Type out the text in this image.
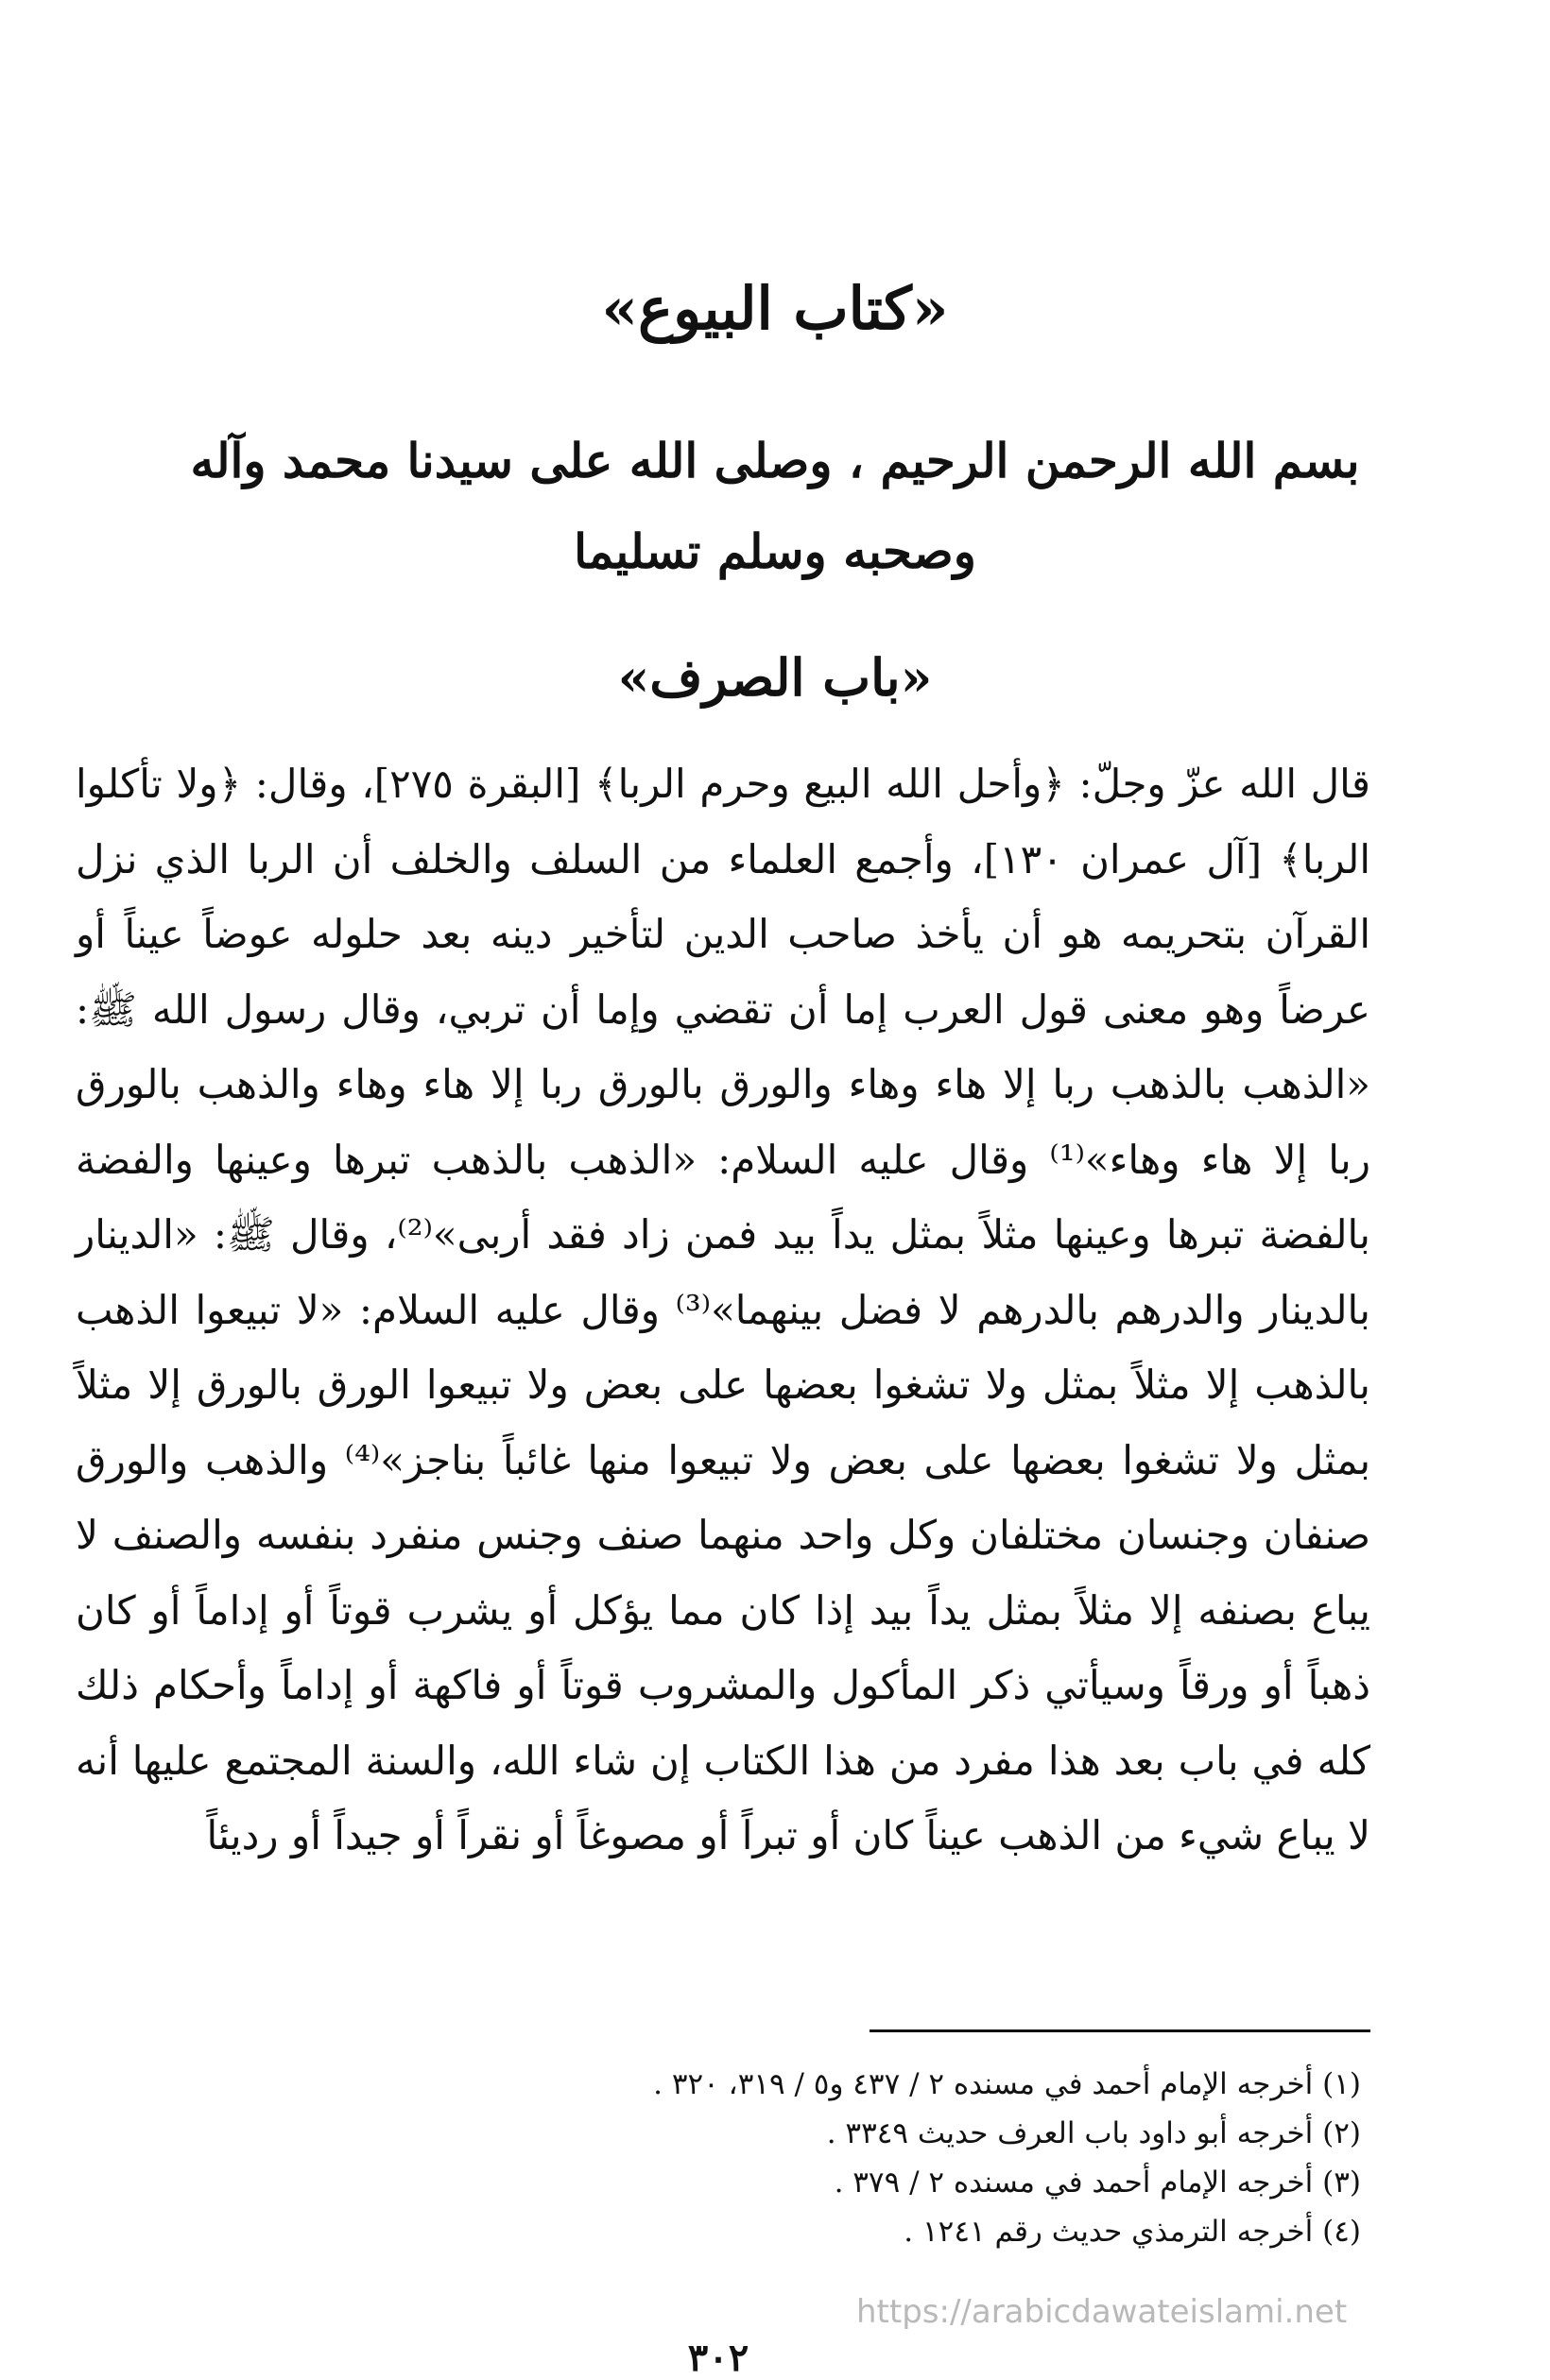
«كتاب البيوع»

بسم الله الرحمن الرحيم ، وصلى الله على سيدنا محمد وآله وصحبه وسلم تسليما

«باب الصرف»

قال الله عزّ وجلّ: ﴿وأحل الله البيع وحرم الربا﴾ [البقرة ٢٧٥]، وقال: ﴿ولا تأكلوا الربا﴾ [آل عمران ١٣٠]، وأجمع العلماء من السلف والخلف أن الربا الذي نزل القرآن بتحريمه هو أن يأخذ صاحب الدين لتأخير دينه بعد حلوله عوضاً عيناً أو عرضاً وهو معنى قول العرب إما أن تقضي وإما أن تربي، وقال رسول الله ﷺ: «الذهب بالذهب ربا إلا هاء وهاء والورق بالورق ربا إلا هاء وهاء والذهب بالورق ربا إلا هاء وهاء»⁽¹⁾ وقال عليه السلام: «الذهب بالذهب تبرها وعينها والفضة بالفضة تبرها وعينها مثلاً بمثل يداً بيد فمن زاد فقد أربى»⁽²⁾، وقال ﷺ: «الدينار بالدينار والدرهم بالدرهم لا فضل بينهما»⁽³⁾ وقال عليه السلام: «لا تبيعوا الذهب بالذهب إلا مثلاً بمثل ولا تشغوا بعضها على بعض ولا تبيعوا الورق بالورق إلا مثلاً بمثل ولا تشغوا بعضها على بعض ولا تبيعوا منها غائباً بناجز»⁽⁴⁾ والذهب والورق صنفان وجنسان مختلفان وكل واحد منهما صنف وجنس منفرد بنفسه والصنف لا يباع بصنفه إلا مثلاً بمثل يداً بيد إذا كان مما يؤكل أو يشرب قوتاً أو إداماً أو كان ذهباً أو ورقاً وسيأتي ذكر المأكول والمشروب قوتاً أو فاكهة أو إداماً وأحكام ذلك كله في باب بعد هذا مفرد من هذا الكتاب إن شاء الله، والسنة المجتمع عليها أنه لا يباع شيء من الذهب عيناً كان أو تبراً أو مصوغاً أو نقراً أو جيداً أو رديئاً

(١) أخرجه الإمام أحمد في مسنده ٢ / ٤٣٧ و٥ / ٣١٩، ٣٢٠ .
(٢) أخرجه أبو داود باب العرف حديث ٣٣٤٩ .
(٣) أخرجه الإمام أحمد في مسنده ٢ / ٣٧٩ .
(٤) أخرجه الترمذي حديث رقم ١٢٤١ .
https://arabicdawateislami.net
٣٠٢
